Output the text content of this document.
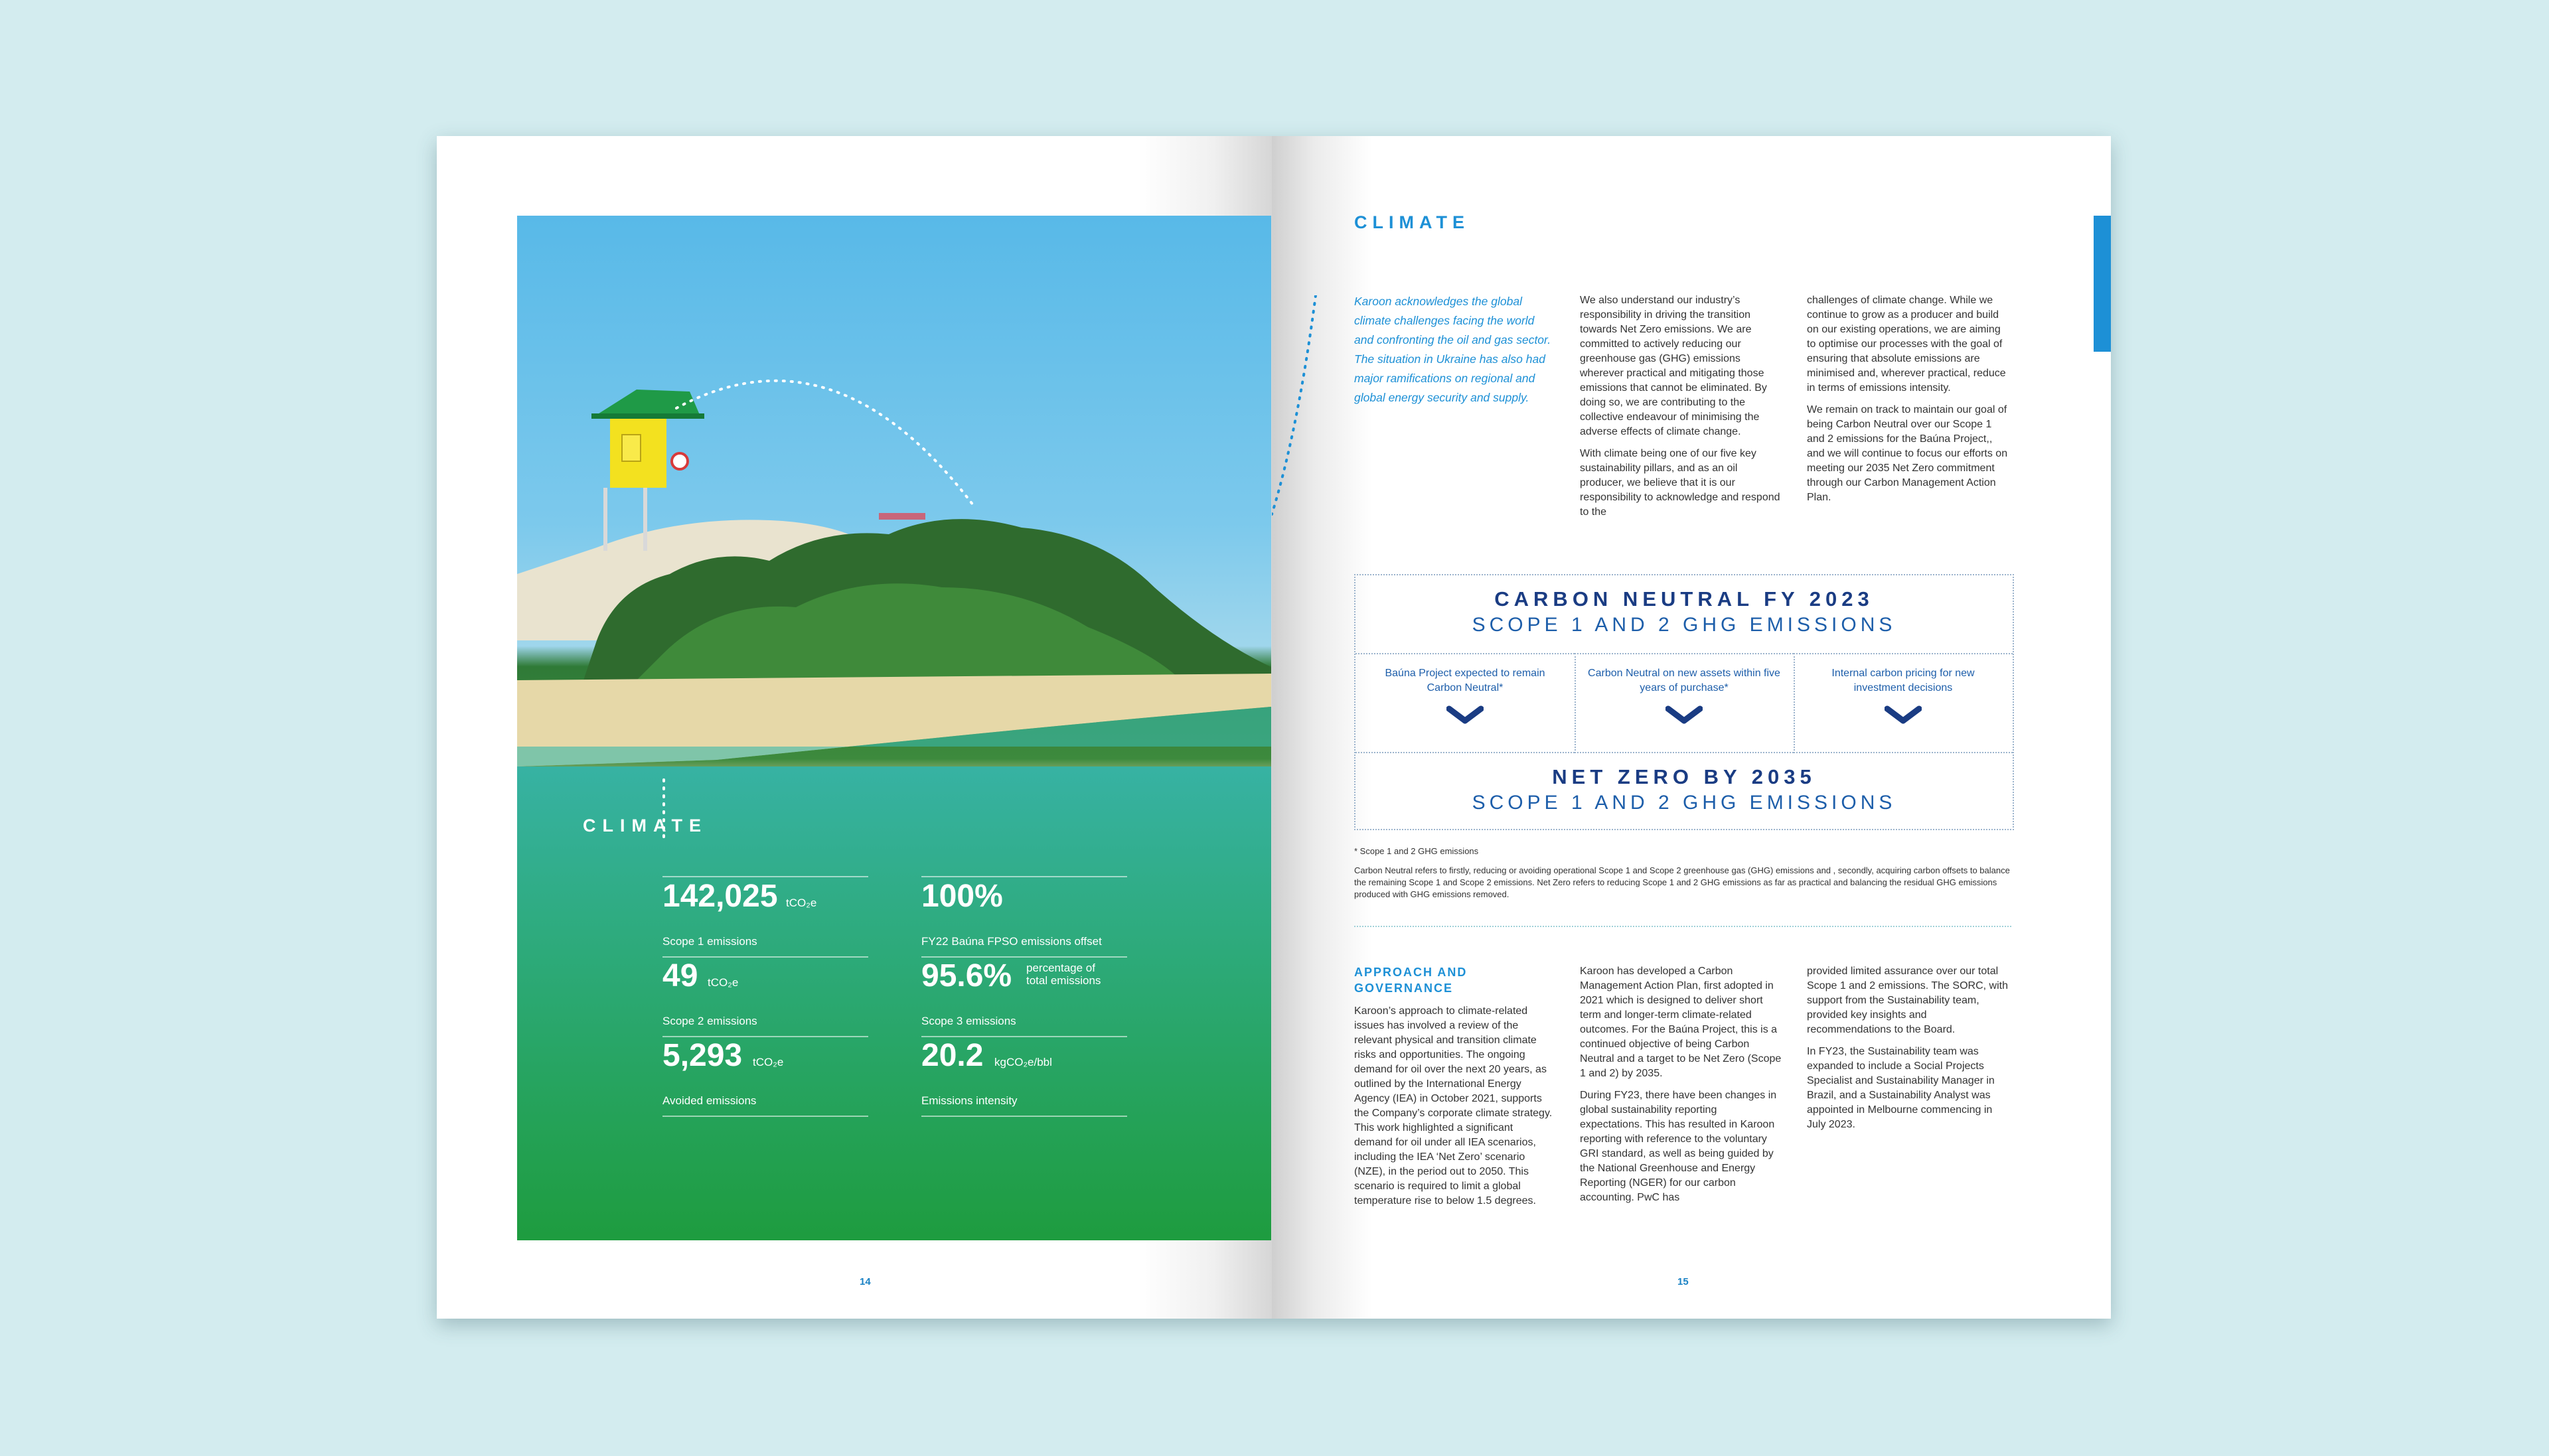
CLIMATE
142,025 tCO₂e
Scope 1 emissions
100%
FY22 Baúna FPSO emissions offset
49 tCO₂e
Scope 2 emissions
95.6% percentage of total emissions
Scope 3 emissions
5,293 tCO₂e
Avoided emissions
20.2 kgCO₂e/bbl
Emissions intensity
14
CLIMATE
Karoon acknowledges the global climate challenges facing the world and confronting the oil and gas sector. The situation in Ukraine has also had major ramifications on regional and global energy security and supply.

We also understand our industry’s responsibility in driving the transition towards Net Zero emissions. We are committed to actively reducing our greenhouse gas (GHG) emissions wherever practical and mitigating those emissions that cannot be eliminated. By doing so, we are contributing to the collective endeavour of minimising the adverse effects of climate change.

With climate being one of our five key sustainability pillars, and as an oil producer, we believe that it is our responsibility to acknowledge and respond to the

challenges of climate change. While we continue to grow as a producer and build on our existing operations, we are aiming to optimise our processes with the goal of ensuring that absolute emissions are minimised and, wherever practical, reduce in terms of emissions intensity.

We remain on track to maintain our goal of being Carbon Neutral over our Scope 1 and 2 emissions for the Baúna Project,, and we will continue to focus our efforts on meeting our 2035 Net Zero commitment through our Carbon Management Action Plan.

CARBON NEUTRAL FY 2023
SCOPE 1 AND 2 GHG EMISSIONS
Baúna Project expected to remain Carbon Neutral*
Carbon Neutral on new assets within five years of purchase*
Internal carbon pricing for new investment decisions
NET ZERO BY 2035
SCOPE 1 AND 2 GHG EMISSIONS
* Scope 1 and 2 GHG emissions
Carbon Neutral refers to firstly, reducing or avoiding operational Scope 1 and Scope 2 greenhouse gas (GHG) emissions and , secondly, acquiring carbon offsets to balance the remaining Scope 1 and Scope 2 emissions. Net Zero refers to reducing Scope 1 and 2 GHG emissions as far as practical and balancing the residual GHG emissions produced with GHG emissions removed.
APPROACH AND GOVERNANCE

Karoon’s approach to climate-related issues has involved a review of the relevant physical and transition climate risks and opportunities. The ongoing demand for oil over the next 20 years, as outlined by the International Energy Agency (IEA) in October 2021, supports the Company’s corporate climate strategy. This work highlighted a significant demand for oil under all IEA scenarios, including the IEA ‘Net Zero’ scenario (NZE), in the period out to 2050. This scenario is required to limit a global temperature rise to below 1.5 degrees.

Karoon has developed a Carbon Management Action Plan, first adopted in 2021 which is designed to deliver short term and longer-term climate-related outcomes. For the Baúna Project, this is a continued objective of being Carbon Neutral and a target to be Net Zero (Scope 1 and 2) by 2035.

During FY23, there have been changes in global sustainability reporting expectations. This has resulted in Karoon reporting with reference to the voluntary GRI standard, as well as being guided by the National Greenhouse and Energy Reporting (NGER) for our carbon accounting. PwC has

provided limited assurance over our total Scope 1 and 2 emissions. The SORC, with support from the Sustainability team, provided key insights and recommendations to the Board.

In FY23, the Sustainability team was expanded to include a Social Projects Specialist and Sustainability Manager in Brazil, and a Sustainability Analyst was appointed in Melbourne commencing in July 2023.

15
